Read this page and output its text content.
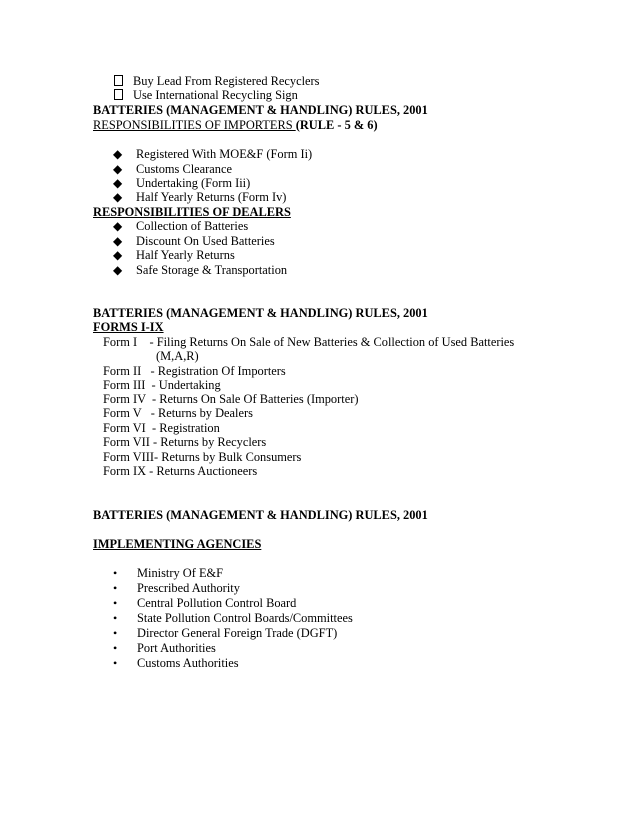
Buy Lead From Registered Recyclers
Use International Recycling Sign
BATTERIES (MANAGEMENT & HANDLING) RULES, 2001
RESPONSIBILITIES OF IMPORTERS (RULE - 5 & 6)
◆ Registered With MOE&F (Form Ii)
◆ Customs Clearance
◆ Undertaking (Form Iii)
◆ Half Yearly Returns (Form Iv)
RESPONSIBILITIES OF DEALERS
◆ Collection of Batteries
◆ Discount On Used Batteries
◆ Half Yearly Returns
◆ Safe Storage & Transportation
BATTERIES (MANAGEMENT & HANDLING) RULES, 2001
FORMS I-IX
Form I    - Filing Returns On Sale of New Batteries & Collection of Used Batteries
(M,A,R)
Form II   - Registration Of Importers
Form III  - Undertaking
Form IV  - Returns On Sale Of Batteries (Importer)
Form V   - Returns by Dealers
Form VI  - Registration
Form VII - Returns by Recyclers
Form VIII- Returns by Bulk Consumers
Form IX - Returns Auctioneers
BATTERIES (MANAGEMENT & HANDLING) RULES, 2001
IMPLEMENTING AGENCIES
• Ministry Of E&F
• Prescribed Authority
• Central Pollution Control Board
• State Pollution Control Boards/Committees
• Director General Foreign Trade (DGFT)
• Port Authorities
• Customs Authorities
